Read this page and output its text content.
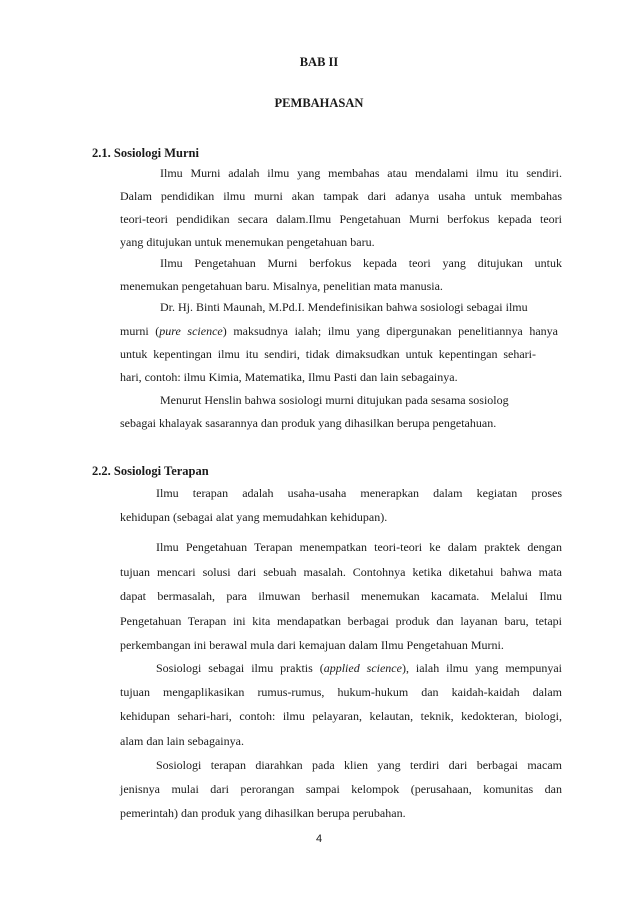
BAB II
PEMBAHASAN
2.1. Sosiologi Murni

Ilmu Murni adalah ilmu yang membahas atau mendalami ilmu itu sendiri.

Dalam pendidikan ilmu murni akan tampak dari adanya usaha untuk membahas

teori-teori pendidikan secara dalam.Ilmu Pengetahuan Murni berfokus kepada teori

yang ditujukan untuk menemukan pengetahuan baru.

Ilmu Pengetahuan Murni berfokus kepada teori yang ditujukan untuk

menemukan pengetahuan baru. Misalnya, penelitian mata manusia.

Dr. Hj. Binti Maunah, M.Pd.I. Mendefinisikan bahwa sosiologi sebagai ilmu

murni (pure science) maksudnya ialah; ilmu yang dipergunakan penelitiannya hanya

untuk kepentingan ilmu itu sendiri, tidak dimaksudkan untuk kepentingan sehari-

hari, contoh: ilmu Kimia, Matematika, Ilmu Pasti dan lain sebagainya.

Menurut Henslin bahwa sosiologi murni ditujukan pada sesama sosiolog

sebagai khalayak sasarannya dan produk yang dihasilkan berupa pengetahuan.

2.2. Sosiologi Terapan

Ilmu terapan adalah usaha-usaha menerapkan dalam kegiatan proses

kehidupan (sebagai alat yang memudahkan kehidupan).

Ilmu Pengetahuan Terapan menempatkan teori-teori ke dalam praktek dengan

tujuan mencari solusi dari sebuah masalah. Contohnya ketika diketahui bahwa mata

dapat bermasalah, para ilmuwan berhasil menemukan kacamata. Melalui Ilmu

Pengetahuan Terapan ini kita mendapatkan berbagai produk dan layanan baru, tetapi

perkembangan ini berawal mula dari kemajuan dalam Ilmu Pengetahuan Murni.

Sosiologi sebagai ilmu praktis (applied science), ialah ilmu yang mempunyai

tujuan mengaplikasikan rumus-rumus, hukum-hukum dan kaidah-kaidah dalam

kehidupan sehari-hari, contoh: ilmu pelayaran, kelautan, teknik, kedokteran, biologi,

alam dan lain sebagainya.

Sosiologi terapan diarahkan pada klien yang terdiri dari berbagai macam

jenisnya mulai dari perorangan sampai kelompok (perusahaan, komunitas dan

pemerintah) dan produk yang dihasilkan berupa perubahan.

4
